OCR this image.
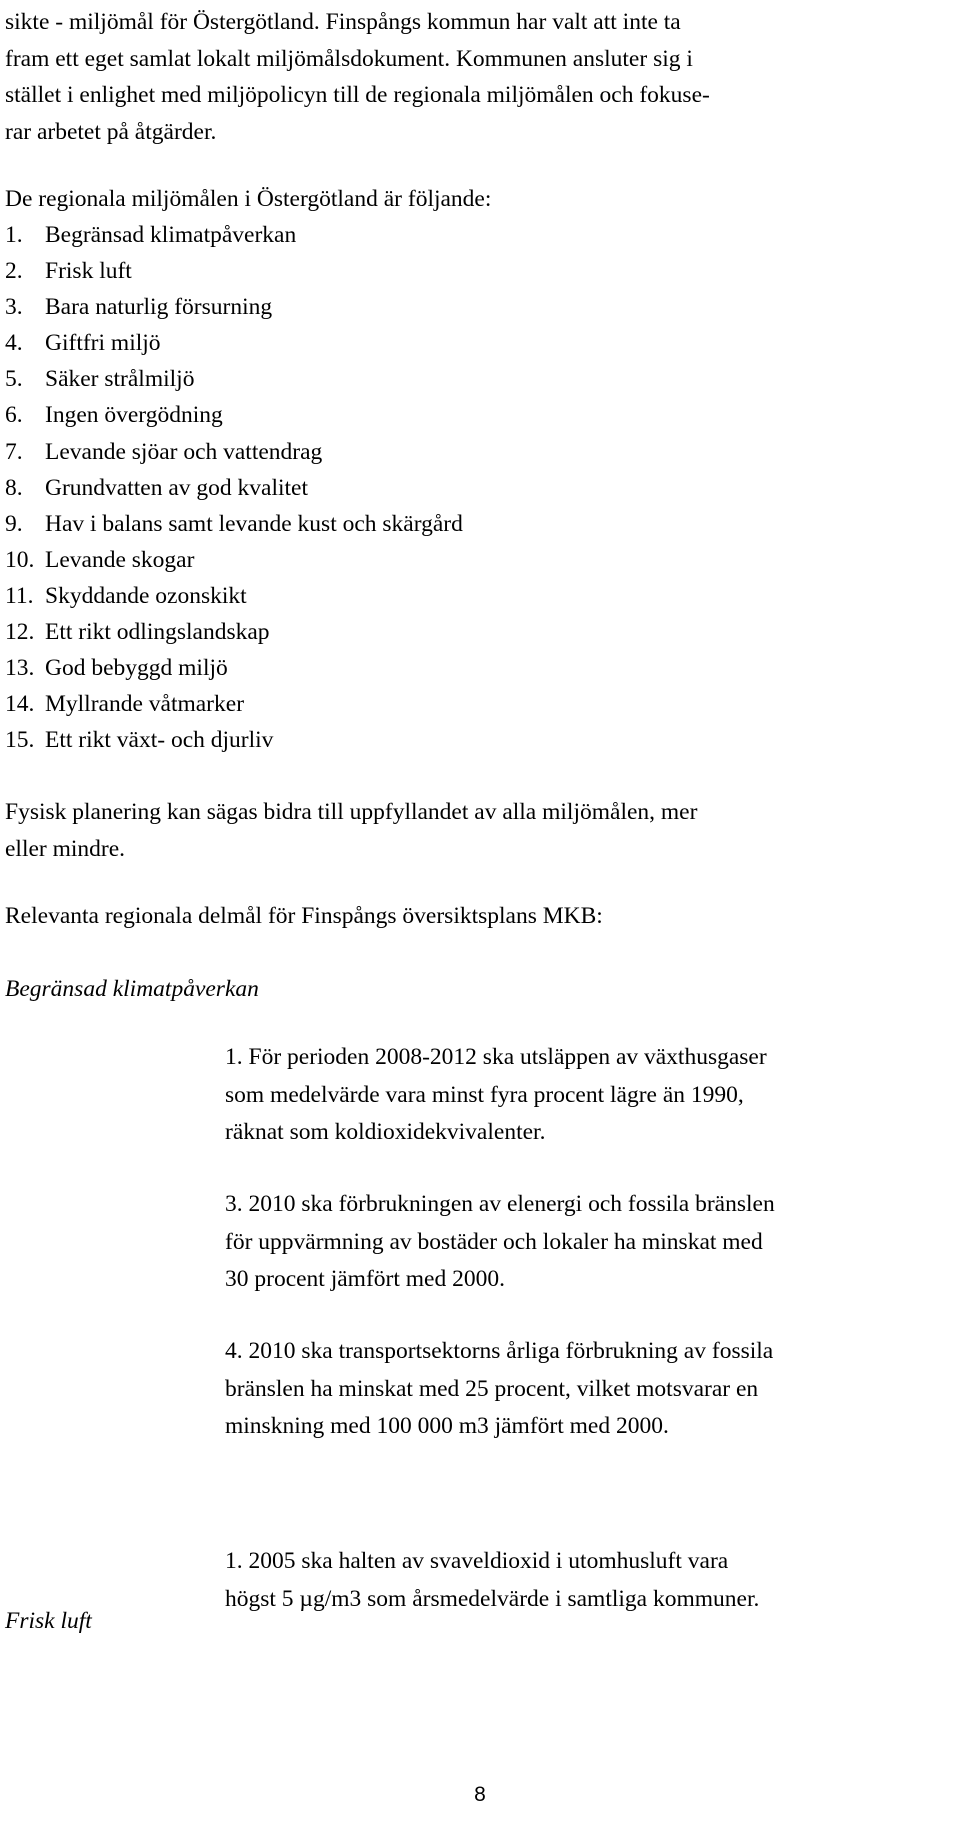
sikte - miljömål för Östergötland. Finspångs kommun har valt att inte ta

fram ett eget samlat lokalt miljömålsdokument. Kommunen ansluter sig i

stället i enlighet med miljöpolicyn till de regionala miljömålen och fokuse-

rar arbetet på åtgärder.

De regionala miljömålen i Östergötland är följande:

1. Begränsad klimatpåverkan
2. Frisk luft
3. Bara naturlig försurning
4. Giftfri miljö
5. Säker strålmiljö
6. Ingen övergödning
7. Levande sjöar och vattendrag
8. Grundvatten av god kvalitet
9. Hav i balans samt levande kust och skärgård
10. Levande skogar
11. Skyddande ozonskikt
12. Ett rikt odlingslandskap
13. God bebyggd miljö
14. Myllrande våtmarker
15. Ett rikt växt- och djurliv
Fysisk planering kan sägas bidra till uppfyllandet av alla miljömålen, mer
eller mindre.

Relevanta regionala delmål för Finspångs översiktsplans MKB:

Begränsad klimatpåverkan
1. För perioden 2008-2012 ska utsläppen av växthusgaser
som medelvärde vara minst fyra procent lägre än 1990,
räknat som koldioxidekvivalenter.
3. 2010 ska förbrukningen av elenergi och fossila bränslen
för uppvärmning av bostäder och lokaler ha minskat med
30 procent jämfört med 2000.
4. 2010 ska transportsektorns årliga förbrukning av fossila
bränslen ha minskat med 25 procent, vilket motsvarar en
minskning med 100 000 m3 jämfört med 2000.
Frisk luft
1. 2005 ska halten av svaveldioxid i utomhusluft vara
högst 5 µg/m3 som årsmedelvärde i samtliga kommuner.
8
